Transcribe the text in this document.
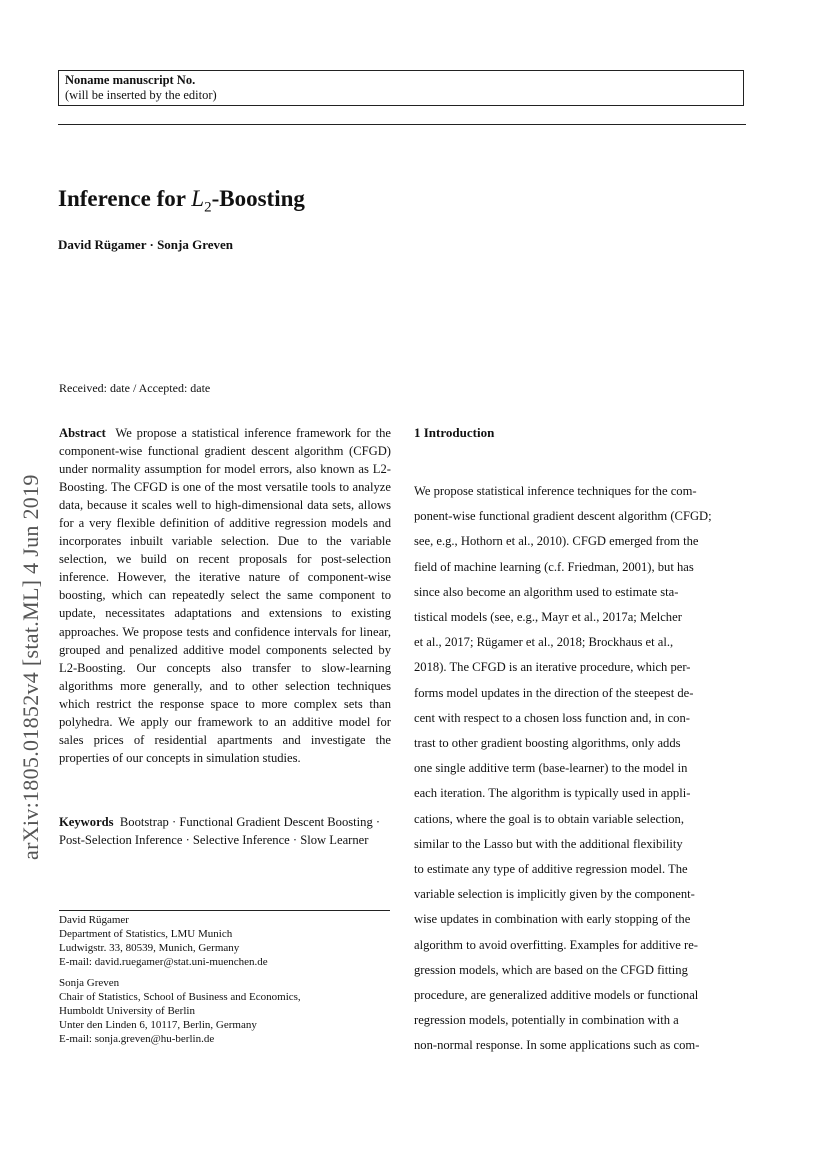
Noname manuscript No.
(will be inserted by the editor)
Inference for $L_2$-Boosting
David Rügamer · Sonja Greven
arXiv:1805.01852v4 [stat.ML] 4 Jun 2019
Received: date / Accepted: date
Abstract We propose a statistical inference framework for the component-wise functional gradient descent algorithm (CFGD) under normality assumption for model errors, also known as L2-Boosting. The CFGD is one of the most versatile tools to analyze data, because it scales well to high-dimensional data sets, allows for a very flexible definition of additive regression models and incorporates inbuilt variable selection. Due to the variable selection, we build on recent proposals for post-selection inference. However, the iterative nature of component-wise boosting, which can repeatedly select the same component to update, necessitates adaptations and extensions to existing approaches. We propose tests and confidence intervals for linear, grouped and penalized additive model components selected by L2-Boosting. Our concepts also transfer to slow-learning algorithms more generally, and to other selection techniques which restrict the response space to more complex sets than polyhedra. We apply our framework to an additive model for sales prices of residential apartments and investigate the properties of our concepts in simulation studies.
Keywords Bootstrap · Functional Gradient Descent Boosting · Post-Selection Inference · Selective Inference · Slow Learner
David Rügamer
Department of Statistics, LMU Munich
Ludwigstr. 33, 80539, Munich, Germany
E-mail: david.ruegamer@stat.uni-muenchen.de
Sonja Greven
Chair of Statistics, School of Business and Economics,
Humboldt University of Berlin
Unter den Linden 6, 10117, Berlin, Germany
E-mail: sonja.greven@hu-berlin.de
1 Introduction
We propose statistical inference techniques for the com-
ponent-wise functional gradient descent algorithm (CFGD;
see, e.g., Hothorn et al., 2010). CFGD emerged from the
field of machine learning (c.f. Friedman, 2001), but has
since also become an algorithm used to estimate sta-
tistical models (see, e.g., Mayr et al., 2017a; Melcher
et al., 2017; Rügamer et al., 2018; Brockhaus et al.,
2018). The CFGD is an iterative procedure, which per-
forms model updates in the direction of the steepest de-
cent with respect to a chosen loss function and, in con-
trast to other gradient boosting algorithms, only adds
one single additive term (base-learner) to the model in
each iteration. The algorithm is typically used in appli-
cations, where the goal is to obtain variable selection,
similar to the Lasso but with the additional flexibility
to estimate any type of additive regression model. The
variable selection is implicitly given by the component-
wise updates in combination with early stopping of the
algorithm to avoid overfitting. Examples for additive re-
gression models, which are based on the CFGD fitting
procedure, are generalized additive models or functional
regression models, potentially in combination with a
non-normal response. In some applications such as com-
